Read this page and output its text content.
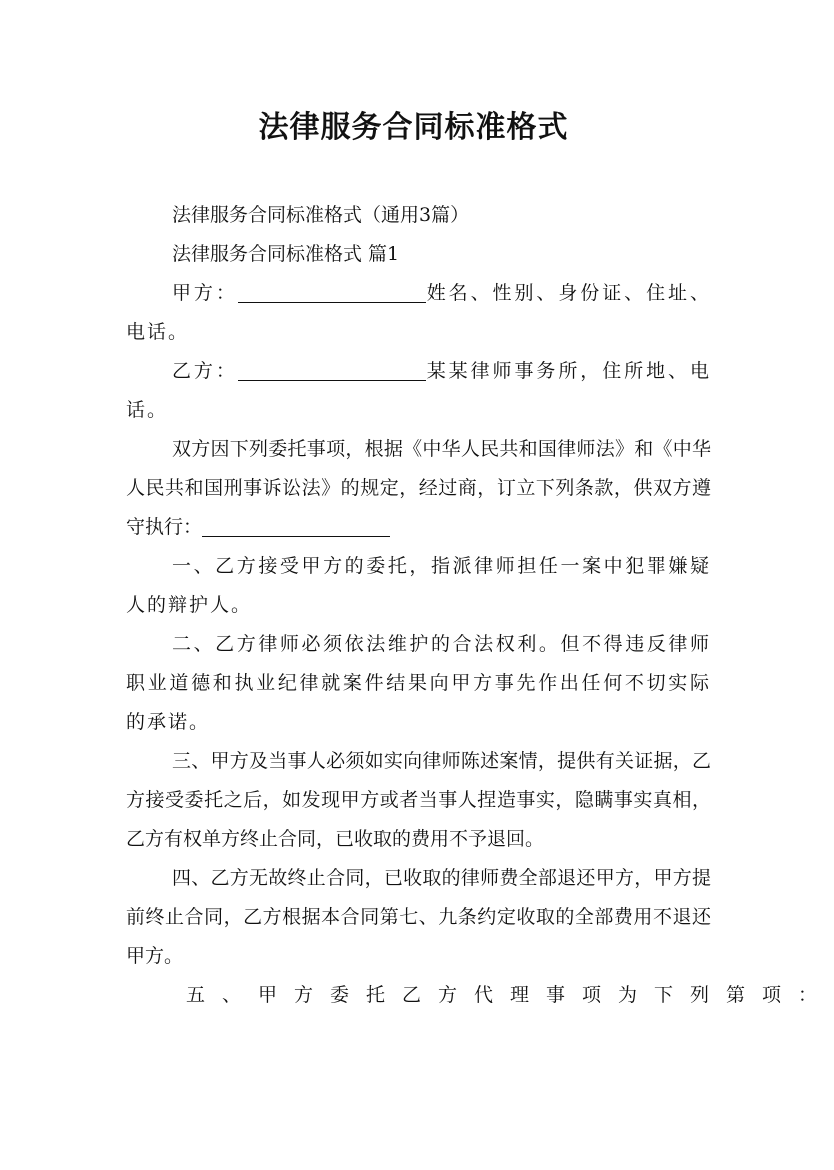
法律服务合同标准格式

法律服务合同标准格式（通用3篇）

法律服务合同标准格式 篇1

甲方：	姓名、性别、身份证、住址、电话。

乙方：	某某律师事务所，住所地、电话。

双方因下列委托事项，根据《中华人民共和国律师法》和《中华人民共和国刑事诉讼法》的规定，经过商，订立下列条款，供双方遵守执行：

一、乙方接受甲方的委托，指派律师担任一案中犯罪嫌疑人的辩护人。

二、乙方律师必须依法维护的合法权利。但不得违反律师职业道德和执业纪律就案件结果向甲方事先作出任何不切实际的承诺。

三、甲方及当事人必须如实向律师陈述案情，提供有关证据，乙方接受委托之后，如发现甲方或者当事人捏造事实，隐瞒事实真相，乙方有权单方终止合同，已收取的费用不予退回。

四、乙方无故终止合同，已收取的律师费全部退还甲方，甲方提前终止合同，乙方根据本合同第七、九条约定收取的全部费用不退还甲方。

五、甲方委托乙方代理事项为下列第项：
